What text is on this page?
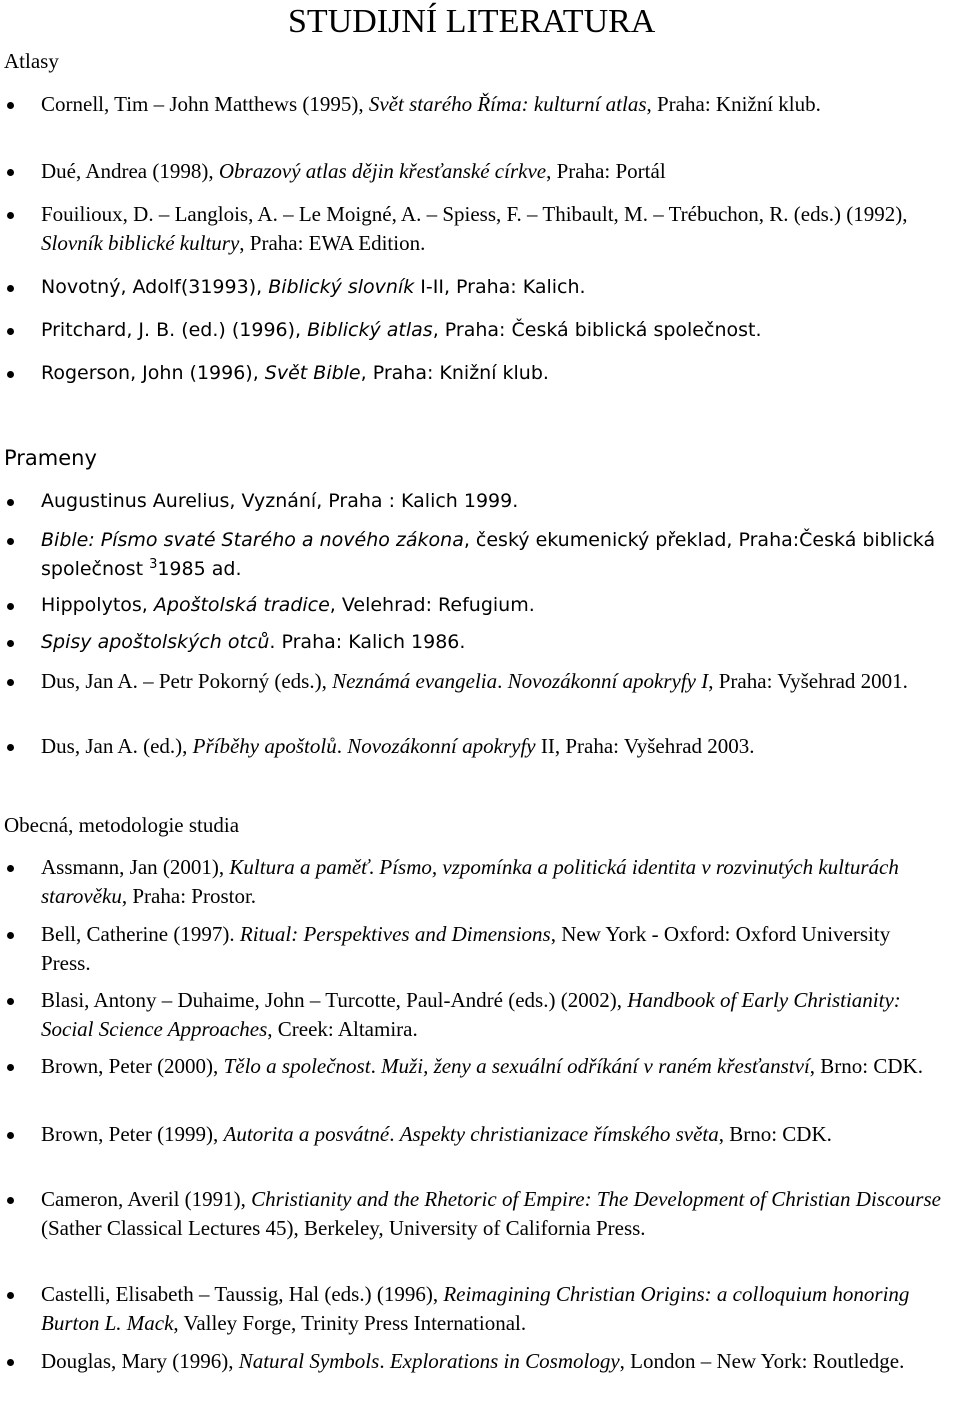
STUDIJNÍ LITERATURA
Atlasy

Cornell, Tim – John Matthews (1995), Svět starého Říma: kulturní atlas, Praha: Knižní klub.

Dué, Andrea (1998), Obrazový atlas dějin křesťanské církve, Praha: Portál

Fouilioux, D. – Langlois, A. – Le Moigné, A. – Spiess, F. – Thibault, M. – Trébuchon, R. (eds.) (1992), Slovník biblické kultury, Praha: EWA Edition.

Novotný, Adolf(31993), Biblický slovník I-II, Praha: Kalich.

Pritchard, J. B. (ed.) (1996), Biblický atlas, Praha: Česká biblická společnost.

Rogerson, John (1996), Svět Bible, Praha: Knižní klub.

Prameny

Augustinus Aurelius, Vyznání, Praha : Kalich 1999.

Bible: Písmo svaté Starého a nového zákona, český ekumenický překlad, Praha:Česká biblická společnost $^3$1985 ad.

Hippolytos, Apoštolská tradice, Velehrad: Refugium.

Spisy apoštolských otců. Praha: Kalich 1986.

Dus, Jan A. – Petr Pokorný (eds.), Neznámá evangelia. Novozákonní apokryfy I, Praha: Vyšehrad 2001.

Dus, Jan A. (ed.), Příběhy apoštolů. Novozákonní apokryfy II, Praha: Vyšehrad 2003.

Obecná, metodologie studia

Assmann, Jan (2001), Kultura a paměť. Písmo, vzpomínka a politická identita v rozvinutých kulturách starověku, Praha: Prostor.

Bell, Catherine (1997). Ritual: Perspektives and Dimensions, New York - Oxford: Oxford University Press.

Blasi, Antony – Duhaime, John – Turcotte, Paul-André (eds.) (2002), Handbook of Early Christianity: Social Science Approaches, Creek: Altamira.

Brown, Peter (2000), Tělo a společnost. Muži, ženy a sexuální odříkání v raném křesťanství, Brno: CDK.

Brown, Peter (1999), Autorita a posvátné. Aspekty christianizace římského světa, Brno: CDK.

Cameron, Averil (1991), Christianity and the Rhetoric of Empire: The Development of Christian Discourse (Sather Classical Lectures 45), Berkeley, University of California Press.

Castelli, Elisabeth – Taussig, Hal (eds.) (1996), Reimagining Christian Origins: a colloquium honoring Burton L. Mack, Valley Forge, Trinity Press International.

Douglas, Mary (1996), Natural Symbols. Explorations in Cosmology, London – New York: Routledge.
